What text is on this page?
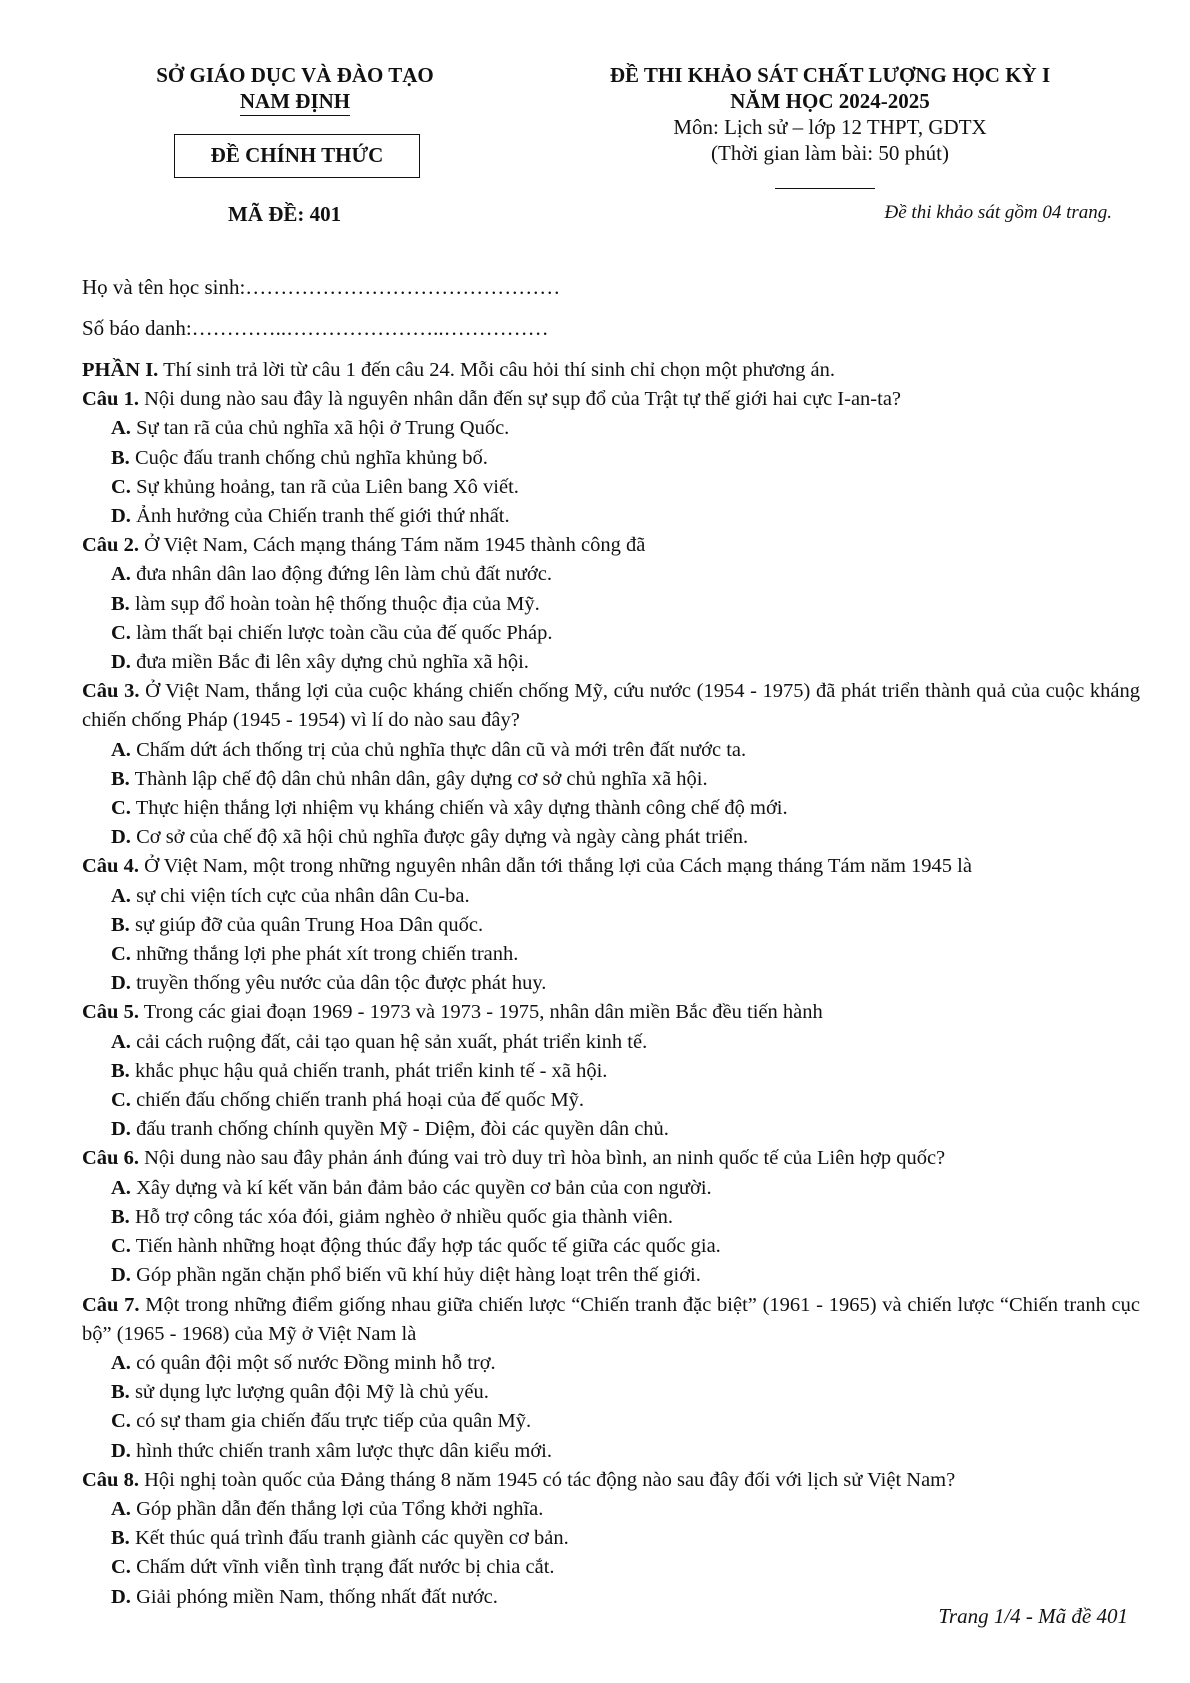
SỞ GIÁO DỤC VÀ ĐÀO TẠO
NAM ĐỊNH
ĐỀ CHÍNH THỨC
ĐỀ THI KHẢO SÁT CHẤT LƯỢNG HỌC KỲ I
NĂM HỌC 2024-2025
Môn: Lịch sử – lớp 12 THPT, GDTX
(Thời gian làm bài: 50 phút)
MÃ ĐỀ: 401	Đề thi khảo sát gồm 04 trang.
Họ và tên học sinh:………………………………………
Số báo danh:…………..…………………..……………

PHẦN I. Thí sinh trả lời từ câu 1 đến câu 24. Mỗi câu hỏi thí sinh chỉ chọn một phương án.

Câu 1. Nội dung nào sau đây là nguyên nhân dẫn đến sự sụp đổ của Trật tự thế giới hai cực I-an-ta?

A. Sự tan rã của chủ nghĩa xã hội ở Trung Quốc.

B. Cuộc đấu tranh chống chủ nghĩa khủng bố.

C. Sự khủng hoảng, tan rã của Liên bang Xô viết.

D. Ảnh hưởng của Chiến tranh thế giới thứ nhất.

Câu 2. Ở Việt Nam, Cách mạng tháng Tám năm 1945 thành công đã

A. đưa nhân dân lao động đứng lên làm chủ đất nước.

B. làm sụp đổ hoàn toàn hệ thống thuộc địa của Mỹ.

C. làm thất bại chiến lược toàn cầu của đế quốc Pháp.

D. đưa miền Bắc đi lên xây dựng chủ nghĩa xã hội.

Câu 3. Ở Việt Nam, thắng lợi của cuộc kháng chiến chống Mỹ, cứu nước (1954 - 1975) đã phát triển thành quả của cuộc kháng chiến chống Pháp (1945 - 1954) vì lí do nào sau đây?

A. Chấm dứt ách thống trị của chủ nghĩa thực dân cũ và mới trên đất nước ta.

B. Thành lập chế độ dân chủ nhân dân, gây dựng cơ sở chủ nghĩa xã hội.

C. Thực hiện thắng lợi nhiệm vụ kháng chiến và xây dựng thành công chế độ mới.

D. Cơ sở của chế độ xã hội chủ nghĩa được gây dựng và ngày càng phát triển.

Câu 4. Ở Việt Nam, một trong những nguyên nhân dẫn tới thắng lợi của Cách mạng tháng Tám năm 1945 là

A. sự chi viện tích cực của nhân dân Cu-ba.

B. sự giúp đỡ của quân Trung Hoa Dân quốc.

C. những thắng lợi phe phát xít trong chiến tranh.

D. truyền thống yêu nước của dân tộc được phát huy.

Câu 5. Trong các giai đoạn 1969 - 1973 và 1973 - 1975, nhân dân miền Bắc đều tiến hành

A. cải cách ruộng đất, cải tạo quan hệ sản xuất, phát triển kinh tế.

B. khắc phục hậu quả chiến tranh, phát triển kinh tế - xã hội.

C. chiến đấu chống chiến tranh phá hoại của đế quốc Mỹ.

D. đấu tranh chống chính quyền Mỹ - Diệm, đòi các quyền dân chủ.

Câu 6. Nội dung nào sau đây phản ánh đúng vai trò duy trì hòa bình, an ninh quốc tế của Liên hợp quốc?

A. Xây dựng và kí kết văn bản đảm bảo các quyền cơ bản của con người.

B. Hỗ trợ công tác xóa đói, giảm nghèo ở nhiều quốc gia thành viên.

C. Tiến hành những hoạt động thúc đẩy hợp tác quốc tế giữa các quốc gia.

D. Góp phần ngăn chặn phổ biến vũ khí hủy diệt hàng loạt trên thế giới.

Câu 7. Một trong những điểm giống nhau giữa chiến lược “Chiến tranh đặc biệt” (1961 - 1965) và chiến lược “Chiến tranh cục bộ” (1965 - 1968) của Mỹ ở Việt Nam là

A. có quân đội một số nước Đồng minh hỗ trợ.

B. sử dụng lực lượng quân đội Mỹ là chủ yếu.

C. có sự tham gia chiến đấu trực tiếp của quân Mỹ.

D. hình thức chiến tranh xâm lược thực dân kiểu mới.

Câu 8. Hội nghị toàn quốc của Đảng tháng 8 năm 1945 có tác động nào sau đây đối với lịch sử Việt Nam?

A. Góp phần dẫn đến thắng lợi của Tổng khởi nghĩa.

B. Kết thúc quá trình đấu tranh giành các quyền cơ bản.

C. Chấm dứt vĩnh viễn tình trạng đất nước bị chia cắt.

D. Giải phóng miền Nam, thống nhất đất nước.

Trang 1/4 - Mã đề 401
